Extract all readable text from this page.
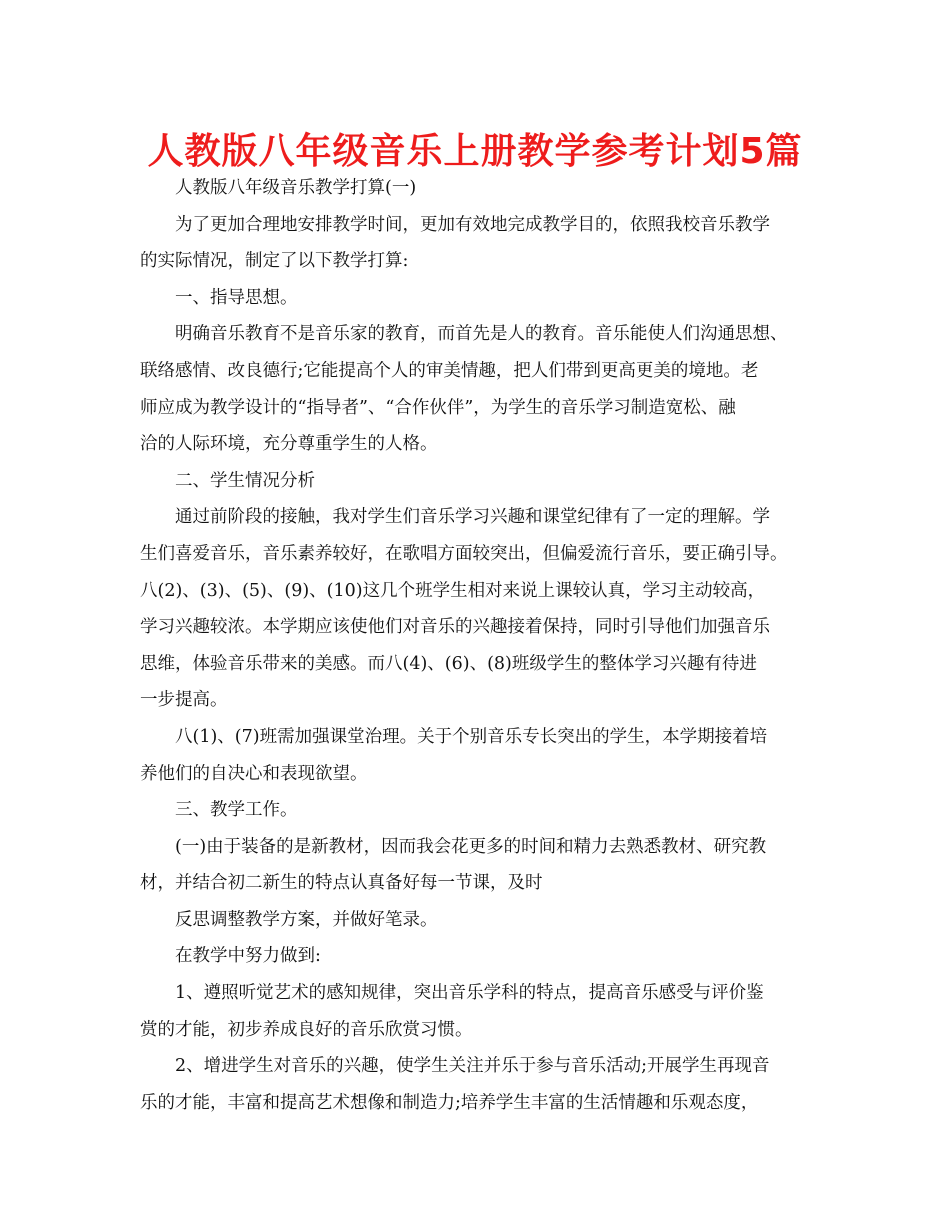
人教版八年级音乐上册教学参考计划5篇
人教版八年级音乐教学打算(一)
为了更加合理地安排教学时间，更加有效地完成教学目的，依照我校音乐教学
的实际情况，制定了以下教学打算:
一、指导思想。
明确音乐教育不是音乐家的教育，而首先是人的教育。音乐能使人们沟通思想、
联络感情、改良德行;它能提高个人的审美情趣，把人们带到更高更美的境地。老
师应成为教学设计的“指导者”、“合作伙伴”，为学生的音乐学习制造宽松、融
洽的人际环境，充分尊重学生的人格。
二、学生情况分析
通过前阶段的接触，我对学生们音乐学习兴趣和课堂纪律有了一定的理解。学
生们喜爱音乐，音乐素养较好，在歌唱方面较突出，但偏爱流行音乐，要正确引导。
八(2)、(3)、(5)、(9)、(10)这几个班学生相对来说上课较认真，学习主动较高，
学习兴趣较浓。本学期应该使他们对音乐的兴趣接着保持，同时引导他们加强音乐
思维，体验音乐带来的美感。而八(4)、(6)、(8)班级学生的整体学习兴趣有待进
一步提高。
八(1)、(7)班需加强课堂治理。关于个别音乐专长突出的学生，本学期接着培
养他们的自决心和表现欲望。
三、教学工作。
(一)由于装备的是新教材，因而我会花更多的时间和精力去熟悉教材、研究教
材，并结合初二新生的特点认真备好每一节课，及时
反思调整教学方案，并做好笔录。
在教学中努力做到:
1、遵照听觉艺术的感知规律，突出音乐学科的特点，提高音乐感受与评价鉴
赏的才能，初步养成良好的音乐欣赏习惯。
2、增进学生对音乐的兴趣，使学生关注并乐于参与音乐活动;开展学生再现音
乐的才能，丰富和提高艺术想像和制造力;培养学生丰富的生活情趣和乐观态度，
